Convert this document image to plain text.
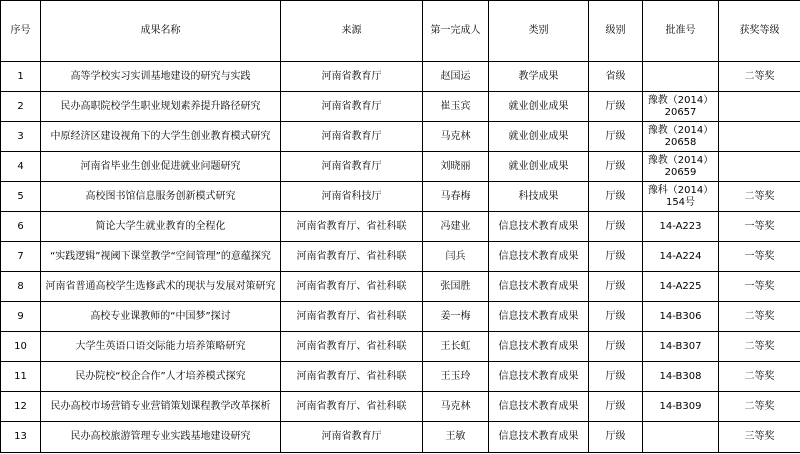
序号	成果名称	来源	第一完成人	类别	级别	批准号	获奖等级
1	高等学校实习实训基地建设的研究与实践	河南省教育厅	赵国运	教学成果	省级		二等奖
2	民办高职院校学生职业规划素养提升路径研究	河南省教育厅	崔玉宾	就业创业成果	厅级	豫教（2014）20657	
3	中原经济区建设视角下的大学生创业教育模式研究	河南省教育厅	马克林	就业创业成果	厅级	豫教（2014）20658	
4	河南省毕业生创业促进就业问题研究	河南省教育厅	刘晓丽	就业创业成果	厅级	豫教（2014）20659	
5	高校图书馆信息服务创新模式研究	河南省科技厅	马春梅	科技成果	厅级	豫科（2014）154号	二等奖
6	简论大学生就业教育的全程化	河南省教育厅、省社科联	冯建业	信息技术教育成果	厅级	14-A223	一等奖
7	“实践逻辑”视阈下课堂教学“空间管理”的意蕴探究	河南省教育厅、省社科联	闫兵	信息技术教育成果	厅级	14-A224	一等奖
8	河南省普通高校学生选修武术的现状与发展对策研究	河南省教育厅、省社科联	张国胜	信息技术教育成果	厅级	14-A225	一等奖
9	高校专业课教师的“中国梦”探讨	河南省教育厅、省社科联	姜一梅	信息技术教育成果	厅级	14-B306	二等奖
10	大学生英语口语交际能力培养策略研究	河南省教育厅、省社科联	王长虹	信息技术教育成果	厅级	14-B307	二等奖
11	民办院校“校企合作”人才培养模式探究	河南省教育厅、省社科联	王玉玲	信息技术教育成果	厅级	14-B308	二等奖
12	民办高校市场营销专业营销策划课程教学改革探析	河南省教育厅、省社科联	马克林	信息技术教育成果	厅级	14-B309	二等奖
13	民办高校旅游管理专业实践基地建设研究	河南省教育厅	王敏	信息技术教育成果	厅级		三等奖
